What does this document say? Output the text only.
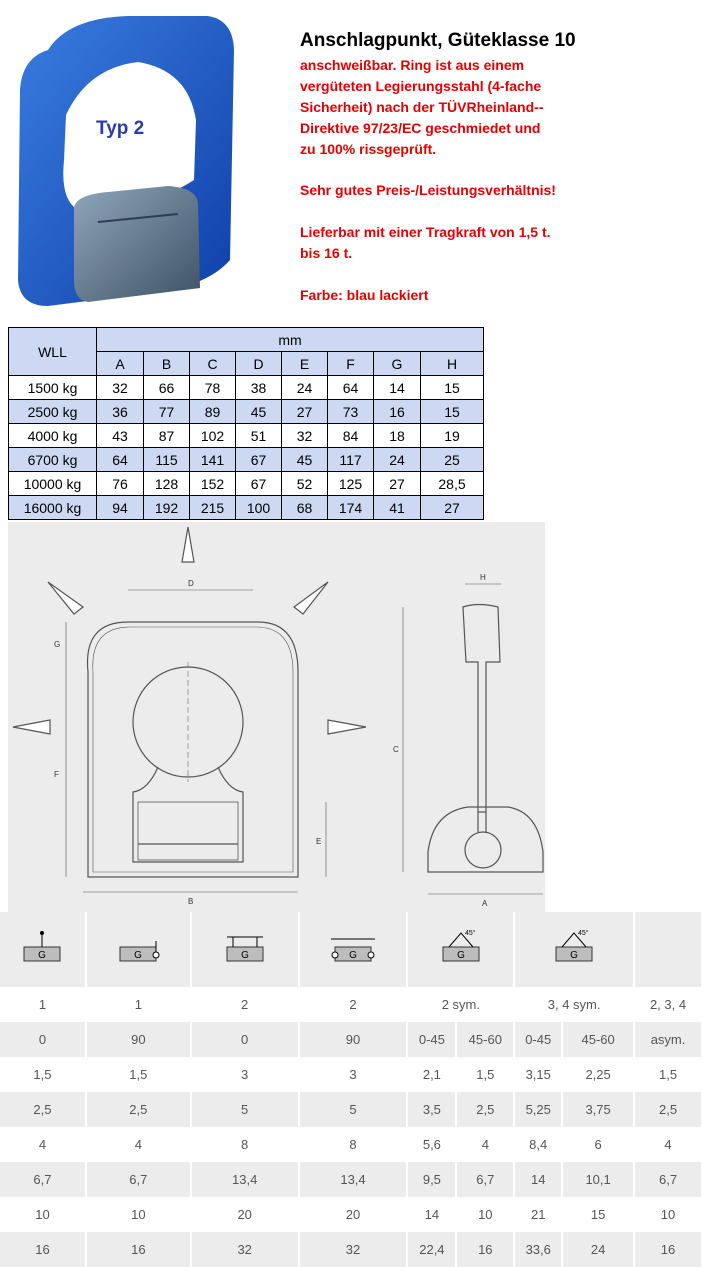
Typ 2
Anschlagpunkt, Güteklasse 10
anschweißbar. Ring ist aus einem
vergüteten Legierungsstahl (4-fache
Sicherheit) nach der TÜVRheinland--
Direktive 97/23/EC geschmiedet und
zu 100% rissgeprüft.
Sehr gutes Preis-/Leistungsverhältnis!
Lieferbar mit einer Tragkraft von 1,5 t.
bis 16 t.
Farbe: blau lackiert
WLL	mm							
	A	B	C	D	E	F	G	H
1500 kg	32	66	78	38	24	64	14	15
2500 kg	36	77	89	45	27	73	16	15
4000 kg	43	87	102	51	32	84	18	19
6700 kg	64	115	141	67	45	117	24	25
10000 kg	76	128	152	67	52	125	27	28,5
16000 kg	94	192	215	100	68	174	41	27
D
G
F
B
E
H
C
A
G	G	G	G	45°
G		45°
G		

1	1	2	2	2 sym.		3, 4 sym.		2, 3, 4
0	90	0	90	0-45	45-60	0-45	45-60	asym.
1,5	1,5	3	3	2,1	1,5	3,15	2,25	1,5
2,5	2,5	5	5	3,5	2,5	5,25	3,75	2,5
4	4	8	8	5,6	4	8,4	6	4
6,7	6,7	13,4	13,4	9,5	6,7	14	10,1	6,7
10	10	20	20	14	10	21	15	10
16	16	32	32	22,4	16	33,6	24	16
